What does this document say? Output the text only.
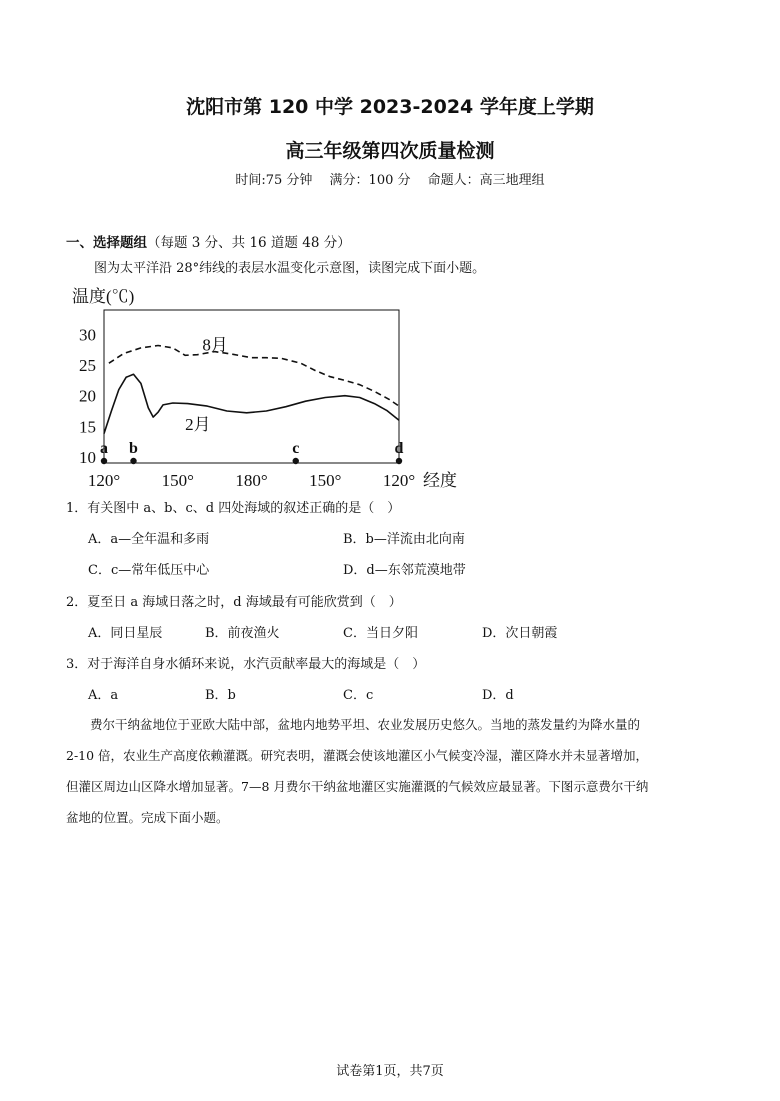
沈阳市第 120 中学 2023-2024 学年度上学期
高三年级第四次质量检测
时间:75 分钟　 满分：100 分　 命题人：高三地理组
一、选择题组（每题 3 分、共 16 道题 48 分）
图为太平洋沿 28°纬线的表层水温变化示意图，读图完成下面小题。
温度(℃)
10
15
20
25
30
120° 150° 180° 150° 120° 经度
8月
2月
a b	c	d
1．有关图中 a、b、c、d 四处海域的叙述正确的是（　）
A．a—全年温和多雨	B．b—洋流由北向南
C．c—常年低压中心	D．d—东邻荒漠地带
2．夏至日 a 海域日落之时，d 海域最有可能欣赏到（　）
A．同日星辰	B．前夜渔火	C．当日夕阳	D．次日朝霞
3．对于海洋自身水循环来说，水汽贡献率最大的海域是（　）
A．a	B．b	C．c	D．d
费尔干纳盆地位于亚欧大陆中部，盆地内地势平坦、农业发展历史悠久。当地的蒸发量约为降水量的
2-10 倍，农业生产高度依赖灌溉。研究表明，灌溉会使该地灌区小气候变冷湿，灌区降水并未显著增加，
但灌区周边山区降水增加显著。7—8 月费尔干纳盆地灌区实施灌溉的气候效应最显著。下图示意费尔干纳
盆地的位置。完成下面小题。
试卷第1页，共7页
